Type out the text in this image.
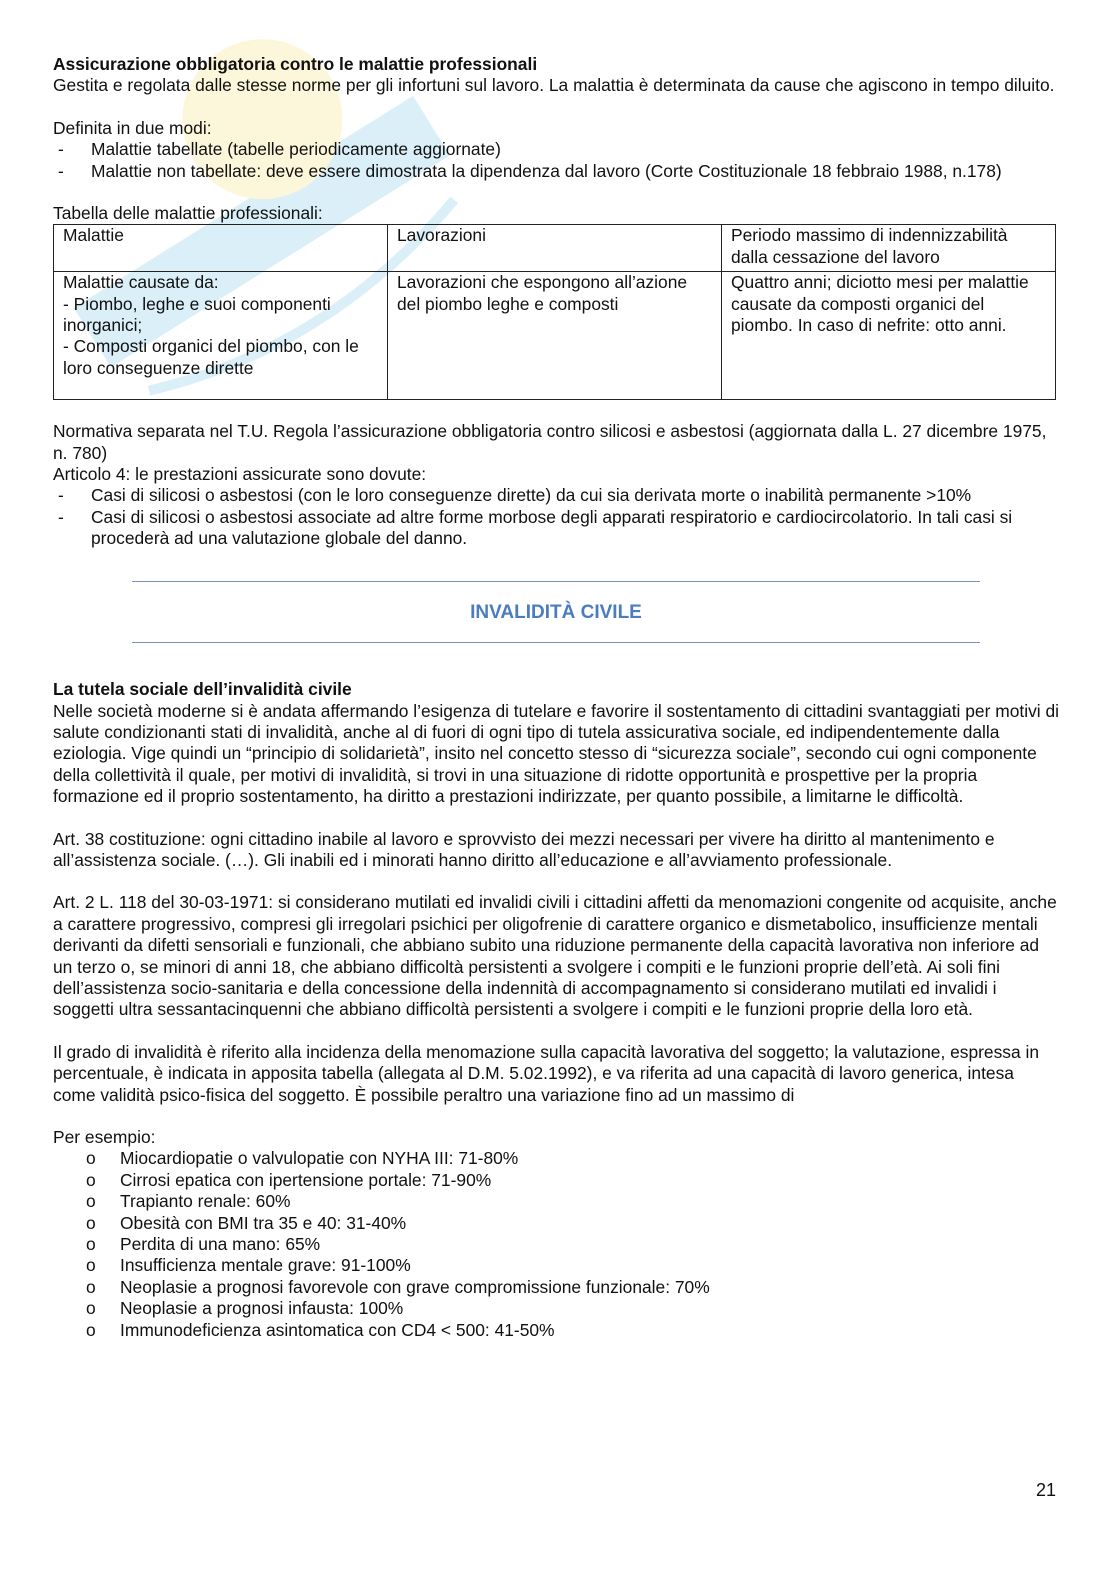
Assicurazione obbligatoria contro le malattie professionali

Gestita e regolata dalle stesse norme per gli infortuni sul lavoro. La malattia è determinata da cause che agiscono in tempo diluito.

Definita in due modi:

- Malattie tabellate (tabelle periodicamente aggiornate)
- Malattie non tabellate: deve essere dimostrata la dipendenza dal lavoro (Corte Costituzionale 18 febbraio 1988, n.178)

Tabella delle malattie professionali:

Malattie	Lavorazioni	Periodo massimo di indennizzabilità dalla cessazione del lavoro
Malattie causate da:
- Piombo, leghe e suoi componenti inorganici;
- Composti organici del piombo, con le loro conseguenze dirette	Lavorazioni che espongono all’azione del piombo leghe e composti	Quattro anni; diciotto mesi per malattie causate da composti organici del piombo. In caso di nefrite: otto anni.

Normativa separata nel T.U. Regola l’assicurazione obbligatoria contro silicosi e asbestosi (aggiornata dalla L. 27 dicembre 1975, n. 780)

Articolo 4: le prestazioni assicurate sono dovute:

- Casi di silicosi o asbestosi (con le loro conseguenze dirette) da cui sia derivata morte o inabilità permanente >10%
- Casi di silicosi o asbestosi associate ad altre forme morbose degli apparati respiratorio e cardiocircolatorio. In tali casi si procederà ad una valutazione globale del danno.
INVALIDITÀ CIVILE

La tutela sociale dell’invalidità civile

Nelle società moderne si è andata affermando l’esigenza di tutelare e favorire il sostentamento di cittadini svantaggiati per motivi di salute condizionanti stati di invalidità, anche al di fuori di ogni tipo di tutela assicurativa sociale, ed indipendentemente dalla eziologia. Vige quindi un “principio di solidarietà”, insito nel concetto stesso di “sicurezza sociale”, secondo cui ogni componente della collettività il quale, per motivi di invalidità, si trovi in una situazione di ridotte opportunità e prospettive per la propria formazione ed il proprio sostentamento, ha diritto a prestazioni indirizzate, per quanto possibile, a limitarne le difficoltà.

Art. 38 costituzione: ogni cittadino inabile al lavoro e sprovvisto dei mezzi necessari per vivere ha diritto al mantenimento e all’assistenza sociale. (…). Gli inabili ed i minorati hanno diritto all’educazione e all’avviamento professionale.

Art. 2 L. 118 del 30-03-1971: si considerano mutilati ed invalidi civili i cittadini affetti da menomazioni congenite od acquisite, anche a carattere progressivo, compresi gli irregolari psichici per oligofrenie di carattere organico e dismetabolico, insufficienze mentali derivanti da difetti sensoriali e funzionali, che abbiano subito una riduzione permanente della capacità lavorativa non inferiore ad un terzo o, se minori di anni 18, che abbiano difficoltà persistenti a svolgere i compiti e le funzioni proprie dell’età. Ai soli fini dell’assistenza socio-sanitaria e della concessione della indennità di accompagnamento si considerano mutilati ed invalidi i soggetti ultra sessantacinquenni che abbiano difficoltà persistenti a svolgere i compiti e le funzioni proprie della loro età.

Il grado di invalidità è riferito alla incidenza della menomazione sulla capacità lavorativa del soggetto; la valutazione, espressa in percentuale, è indicata in apposita tabella (allegata al D.M. 5.02.1992), e va riferita ad una capacità di lavoro generica, intesa come validità psico-fisica del soggetto. È possibile peraltro una variazione fino ad un massimo di

Per esempio:

o Miocardiopatie o valvulopatie con NYHA III: 71-80%
o Cirrosi epatica con ipertensione portale: 71-90%
o Trapianto renale: 60%
o Obesità con BMI tra 35 e 40: 31-40%
o Perdita di una mano: 65%
o Insufficienza mentale grave: 91-100%
o Neoplasie a prognosi favorevole con grave compromissione funzionale: 70%
o Neoplasie a prognosi infausta: 100%
o Immunodeficienza asintomatica con CD4 < 500: 41-50%
21
